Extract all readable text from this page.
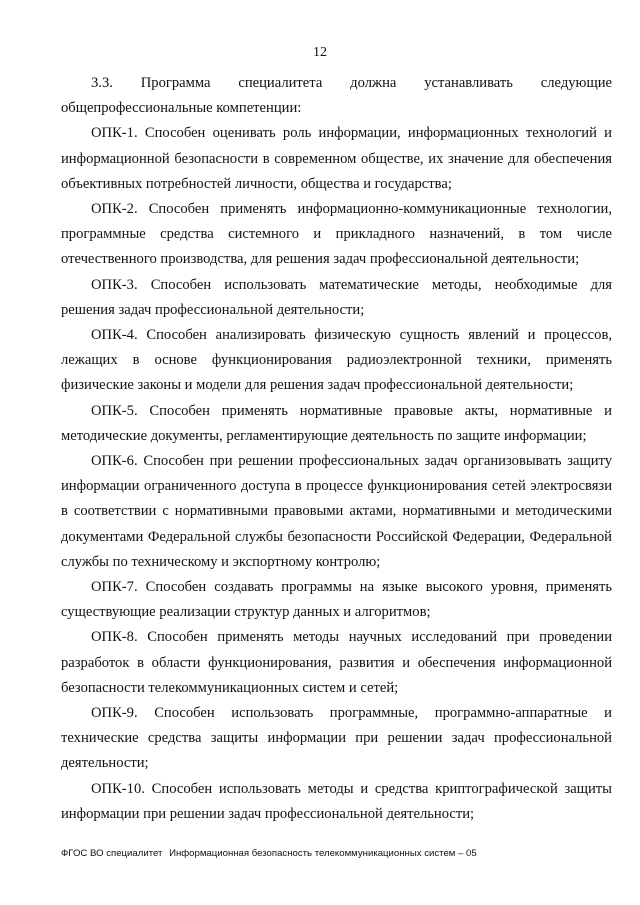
12

3.3. Программа специалитета должна устанавливать следующие общепрофессиональные компетенции:

ОПК-1. Способен оценивать роль информации, информационных технологий и информационной безопасности в современном обществе, их значение для обеспечения объективных потребностей личности, общества и государства;

ОПК-2. Способен применять информационно-коммуникационные технологии, программные средства системного и прикладного назначений, в том числе отечественного производства, для решения задач профессиональной деятельности;

ОПК-3. Способен использовать математические методы, необходимые для решения задач профессиональной деятельности;

ОПК-4. Способен анализировать физическую сущность явлений и процессов, лежащих в основе функционирования радиоэлектронной техники, применять физические законы и модели для решения задач профессиональной деятельности;

ОПК-5. Способен применять нормативные правовые акты, нормативные и методические документы, регламентирующие деятельность по защите информации;

ОПК-6. Способен при решении профессиональных задач организовывать защиту информации ограниченного доступа в процессе функционирования сетей электросвязи в соответствии с нормативными правовыми актами, нормативными и методическими документами Федеральной службы безопасности Российской Федерации, Федеральной службы по техническому и экспортному контролю;

ОПК-7. Способен создавать программы на языке высокого уровня, применять существующие реализации структур данных и алгоритмов;

ОПК-8. Способен применять методы научных исследований при проведении разработок в области функционирования, развития и обеспечения информационной безопасности телекоммуникационных систем и сетей;

ОПК-9. Способен использовать программные, программно-аппаратные и технические средства защиты информации при решении задач профессиональной деятельности;

ОПК-10. Способен использовать методы и средства криптографической защиты информации при решении задач профессиональной деятельности;

ФГОС ВО специалитет Информационная безопасность телекоммуникационных систем – 05
